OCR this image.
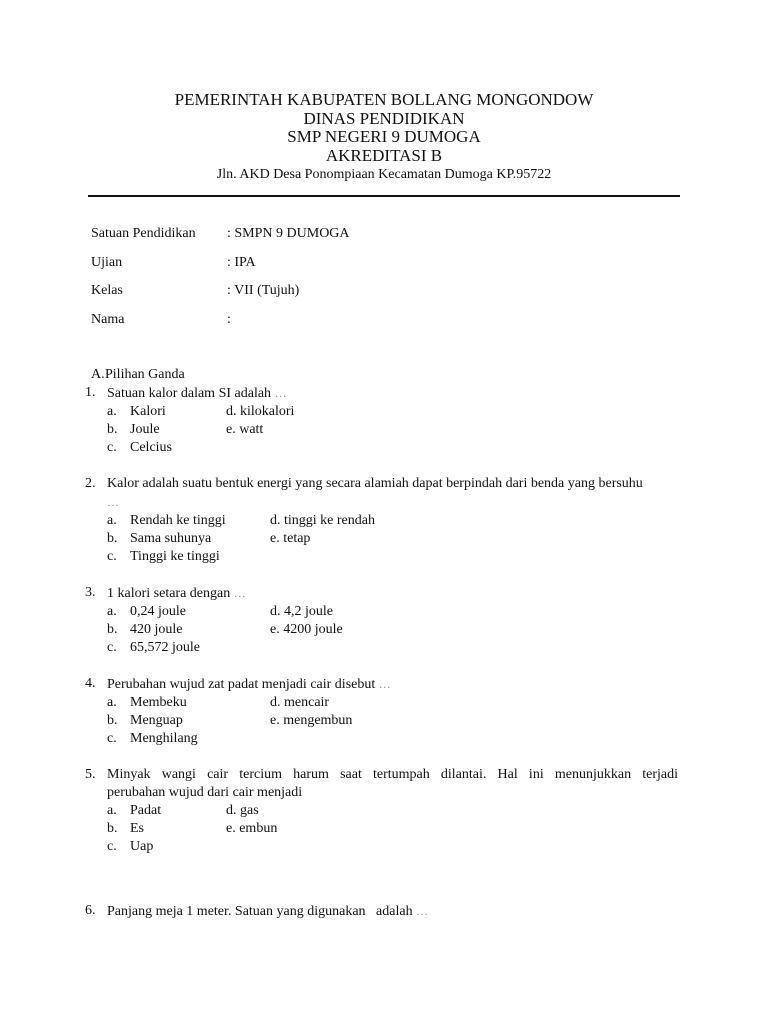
PEMERINTAH KABUPATEN BOLLANG MONGONDOW
DINAS PENDIDIKAN
SMP NEGERI 9 DUMOGA
AKREDITASI B
Jln. AKD Desa Ponompiaan Kecamatan Dumoga KP.95722
Satuan Pendidikan : SMPN 9 DUMOGA
Ujian	: IPA
Kelas	: VII (Tujuh)
Nama	:
A. Pilihan Ganda
1. Satuan kalor dalam SI adalah …
a. Kalori	d. kilokalori
b. Joule	e. watt
c. Celcius
2. Kalor adalah suatu bentuk energi yang secara alamiah dapat berpindah dari benda yang bersuhu
…
a. Rendah ke tinggi	d. tinggi ke rendah
b. Sama suhunya	e. tetap
c. Tinggi ke tinggi
3. 1 kalori setara dengan …
a. 0,24 joule	d. 4,2 joule
b. 420 joule	e. 4200 joule
c. 65,572 joule
4. Perubahan wujud zat padat menjadi cair disebut …
a. Membeku	d. mencair
b. Menguap	e. mengembun
c. Menghilang
5. Minyak wangi cair tercium harum saat tertumpah dilantai. Hal ini menunjukkan terjadi
perubahan wujud dari cair menjadi
a. Padat	d. gas
b. Es	e. embun
c. Uap
6. Panjang meja 1 meter. Satuan yang digunakan   adalah …
